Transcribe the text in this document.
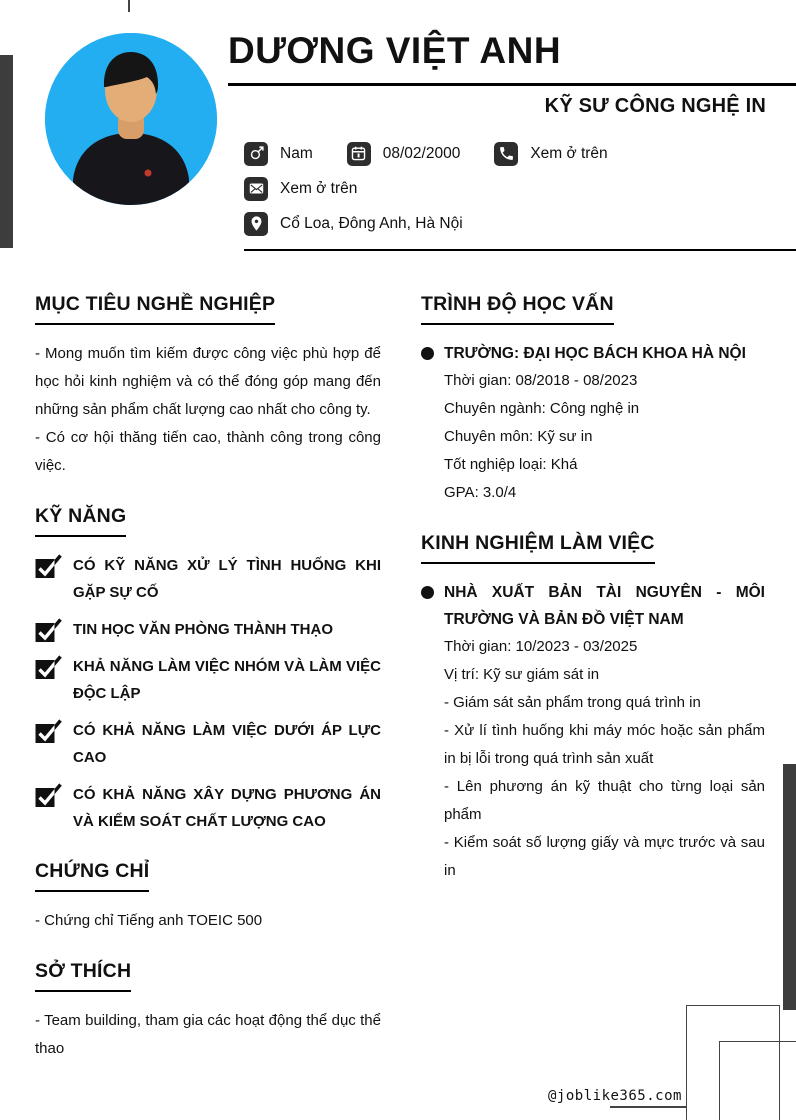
DƯƠNG VIỆT ANH
KỸ SƯ CÔNG NGHỆ IN
Nam	08/02/2000	Xem ở trên
Xem ở trên
Cổ Loa, Đông Anh, Hà Nội
MỤC TIÊU NGHỀ NGHIỆP
- Mong muốn tìm kiếm được công việc phù hợp để học hỏi kinh nghiệm và có thể đóng góp mang đến những sản phẩm chất lượng cao nhất cho công ty.
- Có cơ hội thăng tiến cao, thành công trong công việc.
KỸ NĂNG
CÓ KỸ NĂNG XỬ LÝ TÌNH HUỐNG KHI GẶP SỰ CỐ
TIN HỌC VĂN PHÒNG THÀNH THẠO
KHẢ NĂNG LÀM VIỆC NHÓM VÀ LÀM VIỆC ĐỘC LẬP
CÓ KHẢ NĂNG LÀM VIỆC DƯỚI ÁP LỰC CAO
CÓ KHẢ NĂNG XÂY DỰNG PHƯƠNG ÁN VÀ KIỂM SOÁT CHẤT LƯỢNG CAO
CHỨNG CHỈ
- Chứng chỉ Tiếng anh TOEIC 500
SỞ THÍCH
- Team building, tham gia các hoạt động thể dục thể thao
TRÌNH ĐỘ HỌC VẤN
TRƯỜNG: ĐẠI HỌC BÁCH KHOA HÀ NỘI
Thời gian: 08/2018 - 08/2023
Chuyên ngành: Công nghệ in
Chuyên môn: Kỹ sư in
Tốt nghiệp loại: Khá
GPA: 3.0/4
KINH NGHIỆM LÀM VIỆC
NHÀ XUẤT BẢN TÀI NGUYÊN - MÔI TRƯỜNG VÀ BẢN ĐỒ VIỆT NAM
Thời gian: 10/2023 - 03/2025
Vị trí: Kỹ sư giám sát in
- Giám sát sản phẩm trong quá trình in
- Xử lí tình huống khi máy móc hoặc sản phẩm in bị lỗi trong quá trình sản xuất
- Lên phương án kỹ thuật cho từng loại sản phẩm
- Kiểm soát số lượng giấy và mực trước và sau in
@joblike365.com
